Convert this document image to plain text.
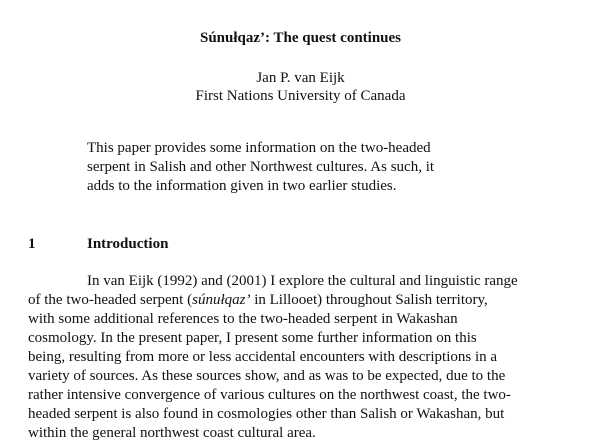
Súnułqaz’: The quest continues
Jan P. van Eijk
First Nations University of Canada
This paper provides some information on the two-headed
serpent in Salish and other Northwest cultures. As such, it
adds to the information given in two earlier studies.
1	Introduction
In van Eijk (1992) and (2001) I explore the cultural and linguistic range
of the two-headed serpent (súnułqaz’ in Lillooet) throughout Salish territory,
with some additional references to the two-headed serpent in Wakashan
cosmology. In the present paper, I present some further information on this
being, resulting from more or less accidental encounters with descriptions in a
variety of sources. As these sources show, and as was to be expected, due to the
rather intensive convergence of various cultures on the northwest coast, the two-
headed serpent is also found in cosmologies other than Salish or Wakashan, but
within the general northwest coast cultural area.
